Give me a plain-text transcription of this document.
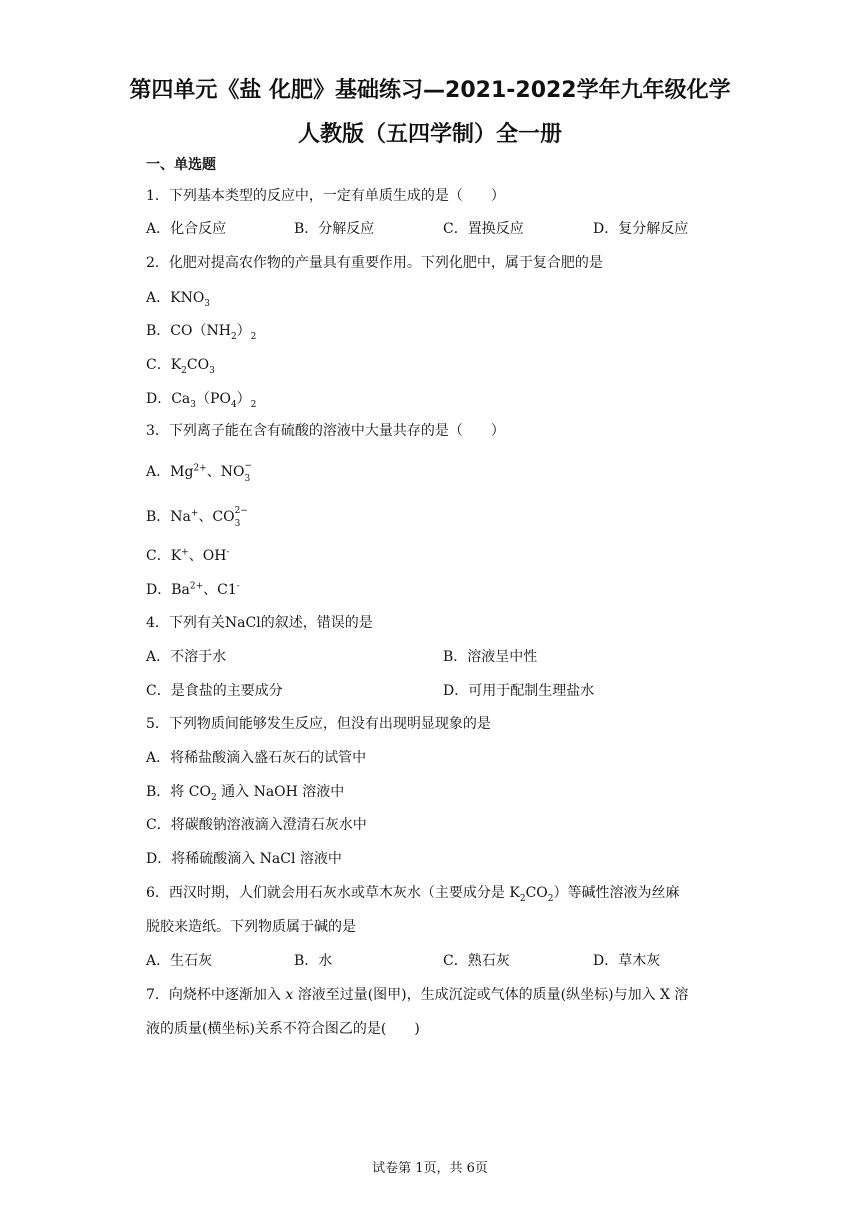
第四单元《盐 化肥》基础练习—2021-2022学年九年级化学
人教版（五四学制）全一册
一、单选题
1．下列基本类型的反应中，一定有单质生成的是（　　）
A．化合反应	B．分解反应	C．置换反应	D．复分解反应
2．化肥对提高农作物的产量具有重要作用。下列化肥中，属于复合肥的是
A．$KNO_3$
B．$CO(NH_2)_2$
C．$K_2CO_3$
D．$Ca_3(PO_4)_2$
3．下列离子能在含有硫酸的溶液中大量共存的是（　　）
A．$Mg^{2+}$、NO −
3
B．Na+、CO 2−
3
C．K+、OH-
D．$Ba^{2+}$、C1-
4．下列有关NaCl的叙述，错误的是
A．不溶于水	B．溶液呈中性
C．是食盐的主要成分	D．可用于配制生理盐水
5．下列物质间能够发生反应，但没有出现明显现象的是
A．将稀盐酸滴入盛石灰石的试管中
B．将 $CO_2$ 通入 NaOH 溶液中
C．将碳酸钠溶液滴入澄清石灰水中
D．将稀硫酸滴入 NaCl 溶液中
6．西汉时期，人们就会用石灰水或草木灰水（主要成分是 $K_2CO_2$）等碱性溶液为丝麻
脱胶来造纸。下列物质属于碱的是
A．生石灰	B．水	C．熟石灰	D．草木灰
7．向烧杯中逐渐加入 x 溶液至过量(图甲)，生成沉淀或气体的质量(纵坐标)与加入 X 溶
液的质量(横坐标)关系不符合图乙的是(　　)
试卷第 1页，共 6页
